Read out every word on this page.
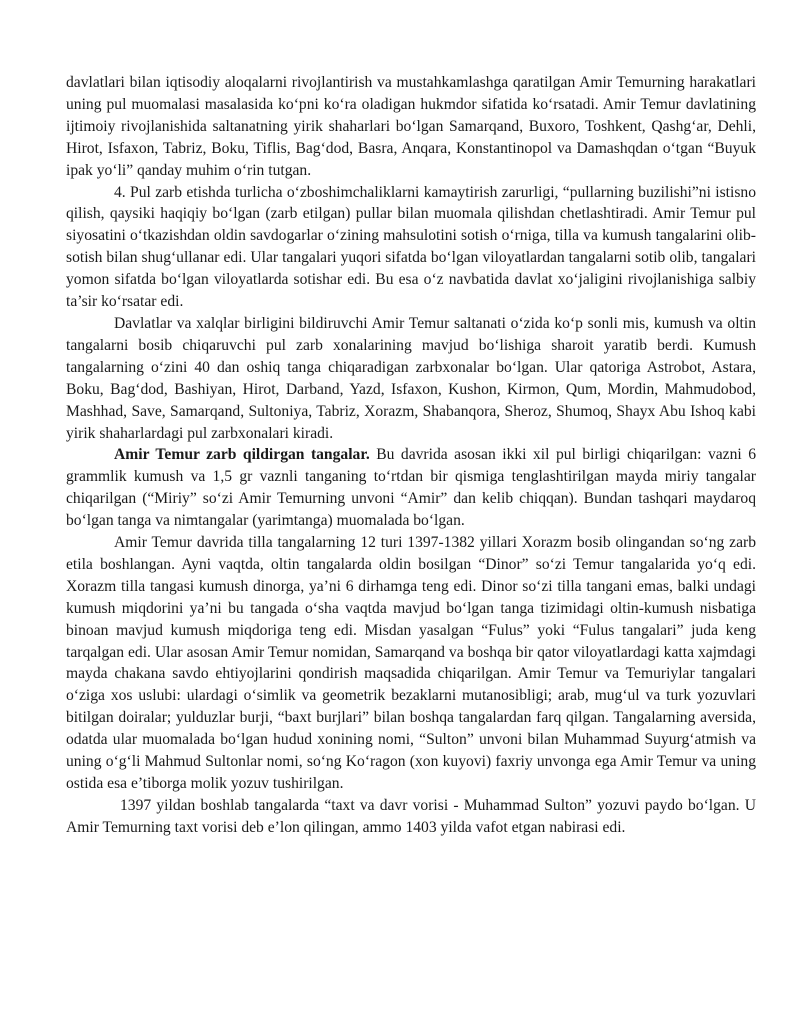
davlatlari bilan iqtisodiy aloqalarni rivojlantirish va mustahkamlashga qaratilgan Amir Temurning harakatlari uning pul muomalasi masalasida ko‘pni ko‘ra oladigan hukmdor sifatida ko‘rsatadi. Amir Temur davlatining ijtimoiy rivojlanishida saltanatning yirik shaharlari bo‘lgan Samarqand, Buxoro, Toshkent, Qashg‘ar, Dehli, Hirot, Isfaxon, Tabriz, Boku, Tiflis, Bag‘dod, Basra, Anqara, Konstantinopol va Damashqdan o‘tgan “Buyuk ipak yo‘li” qanday muhim o‘rin tutgan.

4. Pul zarb etishda turlicha o‘zboshimchaliklarni kamaytirish zarurligi, “pullarning buzilishi”ni istisno qilish, qaysiki haqiqiy bo‘lgan (zarb etilgan) pullar bilan muomala qilishdan chetlashtiradi. Amir Temur pul siyosatini o‘tkazishdan oldin savdogarlar o‘zining mahsulotini sotish o‘rniga, tilla va kumush tangalarini olib-sotish bilan shug‘ullanar edi. Ular tangalari yuqori sifatda bo‘lgan viloyatlardan tangalarni sotib olib, tangalari yomon sifatda bo‘lgan viloyatlarda sotishar edi. Bu esa o‘z navbatida davlat xo‘jaligini rivojlanishiga salbiy ta’sir ko‘rsatar edi.

Davlatlar va xalqlar birligini bildiruvchi Amir Temur saltanati o‘zida ko‘p sonli mis, kumush va oltin tangalarni bosib chiqaruvchi pul zarb xonalarining mavjud bo‘lishiga sharoit yaratib berdi. Kumush tangalarning o‘zini 40 dan oshiq tanga chiqaradigan zarbxonalar bo‘lgan. Ular qatoriga Astrobot, Astara, Boku, Bag‘dod, Bashiyan, Hirot, Darband, Yazd, Isfaxon, Kushon, Kirmon, Qum, Mordin, Mahmudobod, Mashhad, Save, Samarqand, Sultoniya, Tabriz, Xorazm, Shabanqora, Sheroz, Shumoq, Shayx Abu Ishoq kabi yirik shaharlardagi pul zarbxonalari kiradi.

Amir Temur zarb qildirgan tangalar. Bu davrida asosan ikki xil pul birligi chiqarilgan: vazni 6 grammlik kumush va 1,5 gr vaznli tanganing to‘rtdan bir qismiga tenglashtirilgan mayda miriy tangalar chiqarilgan (“Miriy” so‘zi Amir Temurning unvoni “Amir” dan kelib chiqqan). Bundan tashqari maydaroq bo‘lgan tanga va nimtangalar (yarimtanga) muomalada bo‘lgan.

Amir Temur davrida tilla tangalarning 12 turi 1397-1382 yillari Xorazm bosib olingandan so‘ng zarb etila boshlangan. Ayni vaqtda, oltin tangalarda oldin bosilgan “Dinor” so‘zi Temur tangalarida yo‘q edi. Xorazm tilla tangasi kumush dinorga, ya’ni 6 dirhamga teng edi. Dinor so‘zi tilla tangani emas, balki undagi kumush miqdorini ya’ni bu tangada o‘sha vaqtda mavjud bo‘lgan tanga tizimidagi oltin-kumush nisbatiga binoan mavjud kumush miqdoriga teng edi. Misdan yasalgan “Fulus” yoki “Fulus tangalari” juda keng tarqalgan edi. Ular asosan Amir Temur nomidan, Samarqand va boshqa bir qator viloyatlardagi katta xajmdagi mayda chakana savdo ehtiyojlarini qondirish maqsadida chiqarilgan. Amir Temur va Temuriylar tangalari o‘ziga xos uslubi: ulardagi o‘simlik va geometrik bezaklarni mutanosibligi; arab, mug‘ul va turk yozuvlari bitilgan doiralar; yulduzlar burji, “baxt burjlari” bilan boshqa tangalardan farq qilgan. Tangalarning aversida, odatda ular muomalada bo‘lgan hudud xonining nomi, “Sulton” unvoni bilan Muhammad Suyurg‘atmish va uning o‘g‘li Mahmud Sultonlar nomi, so‘ng Ko‘ragon (xon kuyovi) faxriy unvonga ega Amir Temur va uning ostida esa e’tiborga molik yozuv tushirilgan.

1397 yildan boshlab tangalarda “taxt va davr vorisi - Muhammad Sulton” yozuvi paydo bo‘lgan. U Amir Temurning taxt vorisi deb e’lon qilingan, ammo 1403 yilda vafot etgan nabirasi edi.
